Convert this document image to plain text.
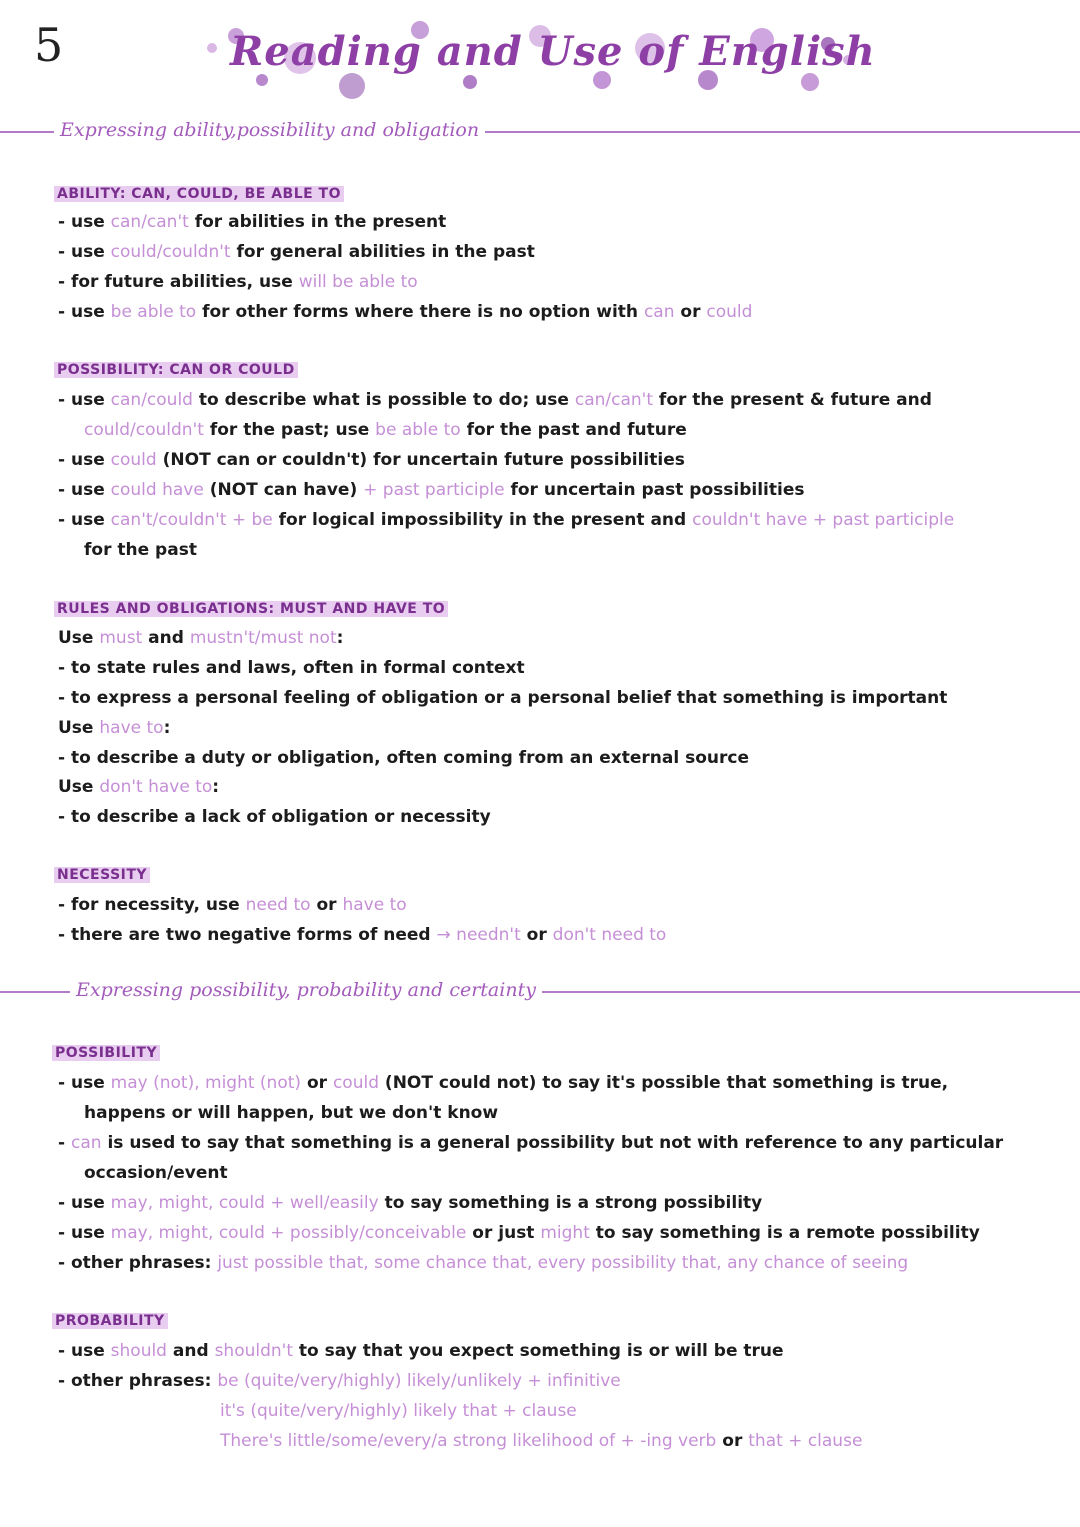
5	Reading and Use of English
Expressing ability,possibility and obligation
ABILITY: CAN, COULD, BE ABLE TO
- use can/can't for abilities in the present
- use could/couldn't for general abilities in the past
- for future abilities, use will be able to
- use be able to for other forms where there is no option with can or could
POSSIBILITY: CAN OR COULD
- use can/could to describe what is possible to do; use can/can't for the present & future and
could/couldn't for the past; use be able to for the past and future
- use could (NOT can or couldn't) for uncertain future possibilities
- use could have (NOT can have) + past participle for uncertain past possibilities
- use can't/couldn't + be for logical impossibility in the present and couldn't have + past participle
for the past
RULES AND OBLIGATIONS: MUST AND HAVE TO
Use must and mustn't/must not:
- to state rules and laws, often in formal context
- to express a personal feeling of obligation or a personal belief that something is important
Use have to:
- to describe a duty or obligation, often coming from an external source
Use don't have to:
- to describe a lack of obligation or necessity
NECESSITY
- for necessity, use need to or have to
- there are two negative forms of need → needn't or don't need to
Expressing possibility, probability and certainty
POSSIBILITY
- use may (not), might (not) or could (NOT could not) to say it's possible that something is true,
happens or will happen, but we don't know
- can is used to say that something is a general possibility but not with reference to any particular
occasion/event
- use may, might, could + well/easily to say something is a strong possibility
- use may, might, could + possibly/conceivable or just might to say something is a remote possibility
- other phrases: just possible that, some chance that, every possibility that, any chance of seeing
PROBABILITY
- use should and shouldn't to say that you expect something is or will be true
- other phrases: be (quite/very/highly) likely/unlikely + infinitive
it's (quite/very/highly) likely that + clause
There's little/some/every/a strong likelihood of + -ing verb or that + clause
